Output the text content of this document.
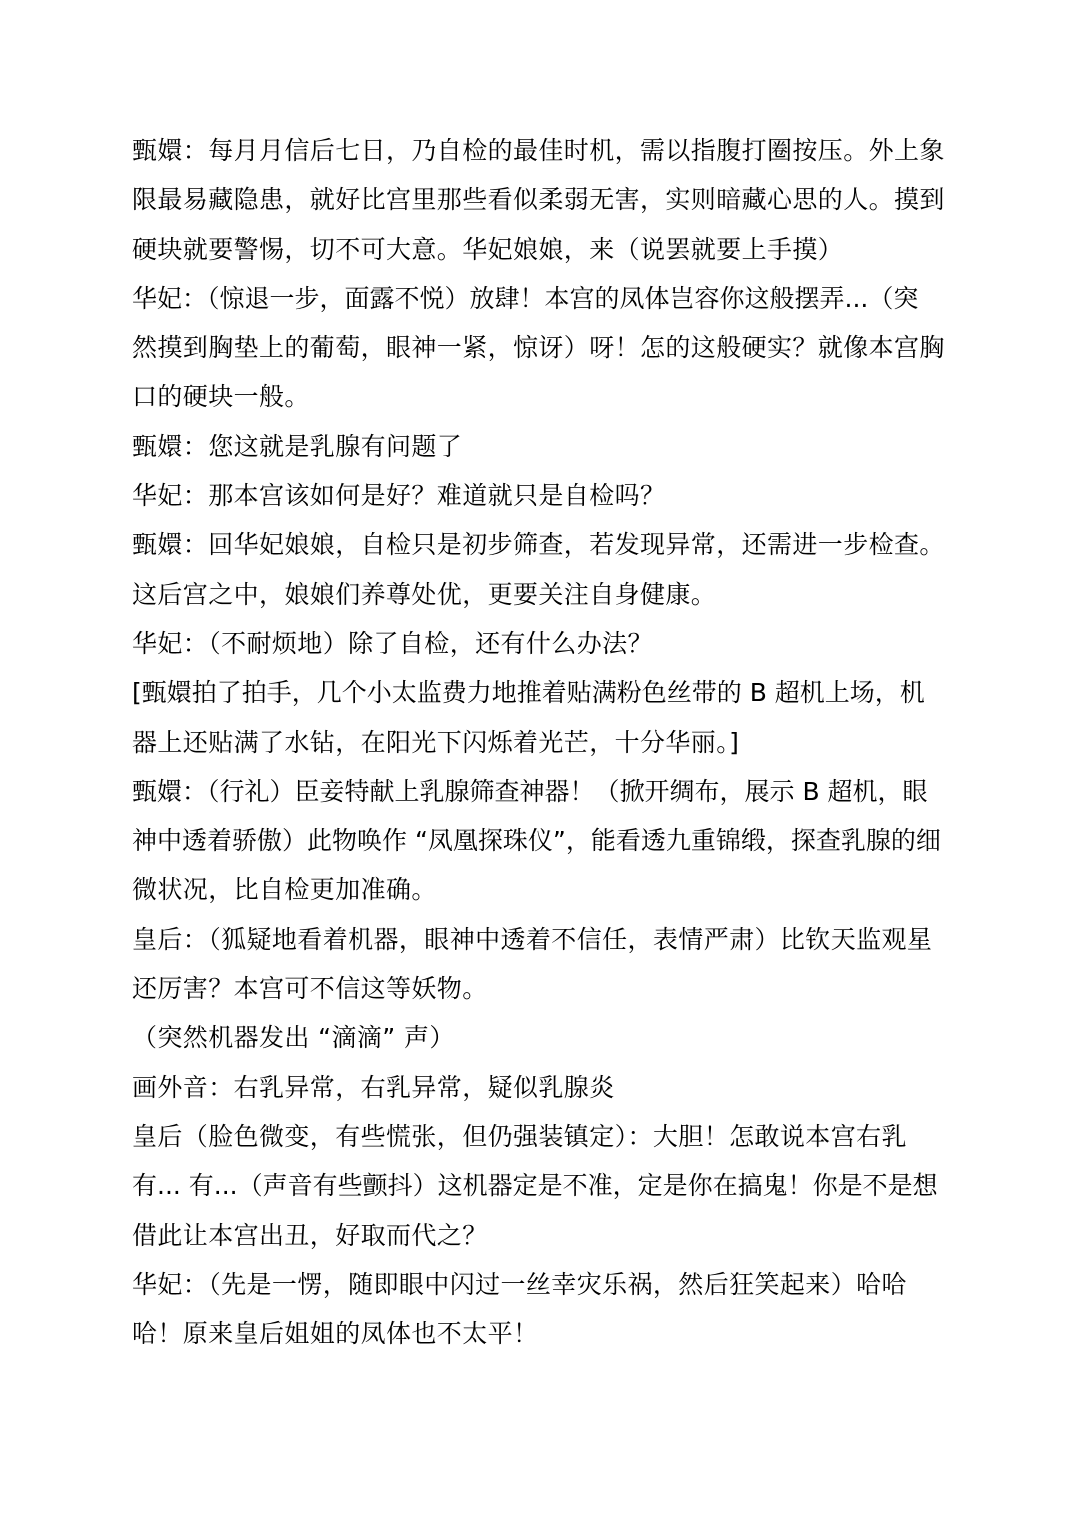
甄嬛：每月月信后七日，乃自检的最佳时机，需以指腹打圈按压。外上象
限最易藏隐患，就好比宫里那些看似柔弱无害，实则暗藏心思的人。摸到
硬块就要警惕，切不可大意。华妃娘娘，来（说罢就要上手摸）
华妃：（惊退一步，面露不悦）放肆！本宫的凤体岂容你这般摆弄...（突
然摸到胸垫上的葡萄，眼神一紧，惊讶）呀！怎的这般硬实？就像本宫胸
口的硬块一般。
甄嬛：您这就是乳腺有问题了
华妃：那本宫该如何是好？难道就只是自检吗？
甄嬛：回华妃娘娘，自检只是初步筛查，若发现异常，还需进一步检查。
这后宫之中，娘娘们养尊处优，更要关注自身健康。
华妃：（不耐烦地）除了自检，还有什么办法？
[甄嬛拍了拍手，几个小太监费力地推着贴满粉色丝带的 B 超机上场，机
器上还贴满了水钻，在阳光下闪烁着光芒，十分华丽。]
甄嬛：（行礼）臣妾特献上乳腺筛查神器！（掀开绸布，展示 B 超机，眼
神中透着骄傲）此物唤作 “凤凰探珠仪”，能看透九重锦缎，探查乳腺的细
微状况，比自检更加准确。
皇后：（狐疑地看着机器，眼神中透着不信任，表情严肃）比钦天监观星
还厉害？本宫可不信这等妖物。
（突然机器发出 “滴滴” 声）
画外音：右乳异常，右乳异常，疑似乳腺炎
皇后（脸色微变，有些慌张，但仍强装镇定）：大胆！怎敢说本宫右乳
有... 有...（声音有些颤抖）这机器定是不准，定是你在搞鬼！你是不是想
借此让本宫出丑，好取而代之？
华妃：（先是一愣，随即眼中闪过一丝幸灾乐祸，然后狂笑起来）哈哈
哈！原来皇后姐姐的凤体也不太平！
